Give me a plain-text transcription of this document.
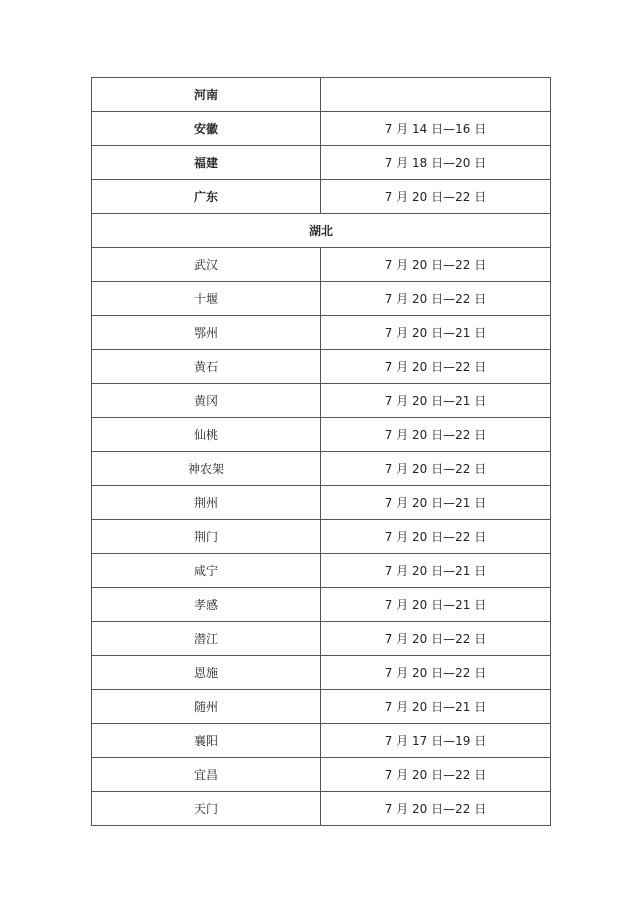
河南	
安徽	7 月 14 日—16 日
福建	7 月 18 日—20 日
广东	7 月 20 日—22 日
湖北	
武汉	7 月 20 日—22 日
十堰	7 月 20 日—22 日
鄂州	7 月 20 日—21 日
黄石	7 月 20 日—22 日
黄冈	7 月 20 日—21 日
仙桃	7 月 20 日—22 日
神农架	7 月 20 日—22 日
荆州	7 月 20 日—21 日
荆门	7 月 20 日—22 日
咸宁	7 月 20 日—21 日
孝感	7 月 20 日—21 日
潜江	7 月 20 日—22 日
恩施	7 月 20 日—22 日
随州	7 月 20 日—21 日
襄阳	7 月 17 日—19 日
宜昌	7 月 20 日—22 日
天门	7 月 20 日—22 日
